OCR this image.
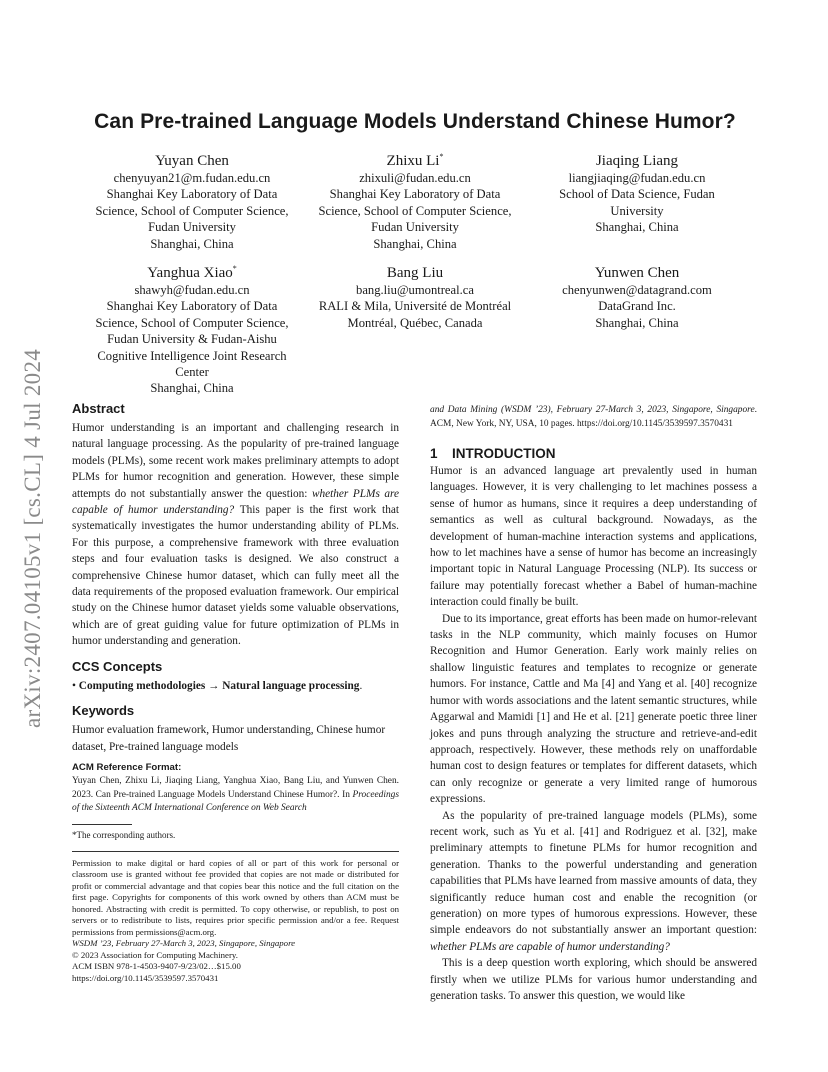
arXiv:2407.04105v1 [cs.CL] 4 Jul 2024
Can Pre-trained Language Models Understand Chinese Humor?
Yuyan Chen
chenyuyan21@m.fudan.edu.cn
Shanghai Key Laboratory of Data
Science, School of Computer Science,
Fudan University
Shanghai, China
Zhixu Li*
zhixuli@fudan.edu.cn
Shanghai Key Laboratory of Data
Science, School of Computer Science,
Fudan University
Shanghai, China
Jiaqing Liang
liangjiaqing@fudan.edu.cn
School of Data Science, Fudan
University
Shanghai, China
Yanghua Xiao*
shawyh@fudan.edu.cn
Shanghai Key Laboratory of Data
Science, School of Computer Science,
Fudan University & Fudan-Aishu
Cognitive Intelligence Joint Research
Center
Shanghai, China
Bang Liu
bang.liu@umontreal.ca
RALI & Mila, Université de Montréal
Montréal, Québec, Canada
Yunwen Chen
chenyunwen@datagrand.com
DataGrand Inc.
Shanghai, China
Abstract

Humor understanding is an important and challenging research in natural language processing. As the popularity of pre-trained language models (PLMs), some recent work makes preliminary attempts to adopt PLMs for humor recognition and generation. However, these simple attempts do not substantially answer the question: whether PLMs are capable of humor understanding? This paper is the first work that systematically investigates the humor understanding ability of PLMs. For this purpose, a comprehensive framework with three evaluation steps and four evaluation tasks is designed. We also construct a comprehensive Chinese humor dataset, which can fully meet all the data requirements of the proposed evaluation framework. Our empirical study on the Chinese humor dataset yields some valuable observations, which are of great guiding value for future optimization of PLMs in humor understanding and generation.

CCS Concepts

• Computing methodologies → Natural language processing.

Keywords

Humor evaluation framework, Humor understanding, Chinese humor dataset, Pre-trained language models

ACM Reference Format:

Yuyan Chen, Zhixu Li, Jiaqing Liang, Yanghua Xiao, Bang Liu, and Yunwen Chen. 2023. Can Pre-trained Language Models Understand Chinese Humor?. In Proceedings of the Sixteenth ACM International Conference on Web Search

*The corresponding authors.

Permission to make digital or hard copies of all or part of this work for personal or classroom use is granted without fee provided that copies are not made or distributed for profit or commercial advantage and that copies bear this notice and the full citation on the first page. Copyrights for components of this work owned by others than ACM must be honored. Abstracting with credit is permitted. To copy otherwise, or republish, to post on servers or to redistribute to lists, requires prior specific permission and/or a fee. Request permissions from permissions@acm.org.

WSDM ’23, February 27-March 3, 2023, Singapore, Singapore

© 2023 Association for Computing Machinery.

ACM ISBN 978-1-4503-9407-9/23/02…$15.00

https://doi.org/10.1145/3539597.3570431

and Data Mining (WSDM ’23), February 27-March 3, 2023, Singapore, Singapore. ACM, New York, NY, USA, 10 pages. https://doi.org/10.1145/3539597.3570431

1 INTRODUCTION

Humor is an advanced language art prevalently used in human languages. However, it is very challenging to let machines possess a sense of humor as humans, since it requires a deep understanding of semantics as well as cultural background. Nowadays, as the development of human-machine interaction systems and applications, how to let machines have a sense of humor has become an increasingly important topic in Natural Language Processing (NLP). Its success or failure may potentially forecast whether a Babel of human-machine interaction could finally be built.

Due to its importance, great efforts has been made on humor-relevant tasks in the NLP community, which mainly focuses on Humor Recognition and Humor Generation. Early work mainly relies on shallow linguistic features and templates to recognize or generate humors. For instance, Cattle and Ma [4] and Yang et al. [40] recognize humor with words associations and the latent semantic structures, while Aggarwal and Mamidi [1] and He et al. [21] generate poetic three liner jokes and puns through analyzing the structure and retrieve-and-edit approach, respectively. However, these methods rely on unaffordable human cost to design features or templates for different datasets, which can only recognize or generate a very limited range of humorous expressions.

As the popularity of pre-trained language models (PLMs), some recent work, such as Yu et al. [41] and Rodriguez et al. [32], make preliminary attempts to finetune PLMs for humor recognition and generation. Thanks to the powerful understanding and generation capabilities that PLMs have learned from massive amounts of data, they significantly reduce human cost and enable the recognition (or generation) on more types of humorous expressions. However, these simple endeavors do not substantially answer an important question: whether PLMs are capable of humor understanding?

This is a deep question worth exploring, which should be answered firstly when we utilize PLMs for various humor understanding and generation tasks. To answer this question, we would like
